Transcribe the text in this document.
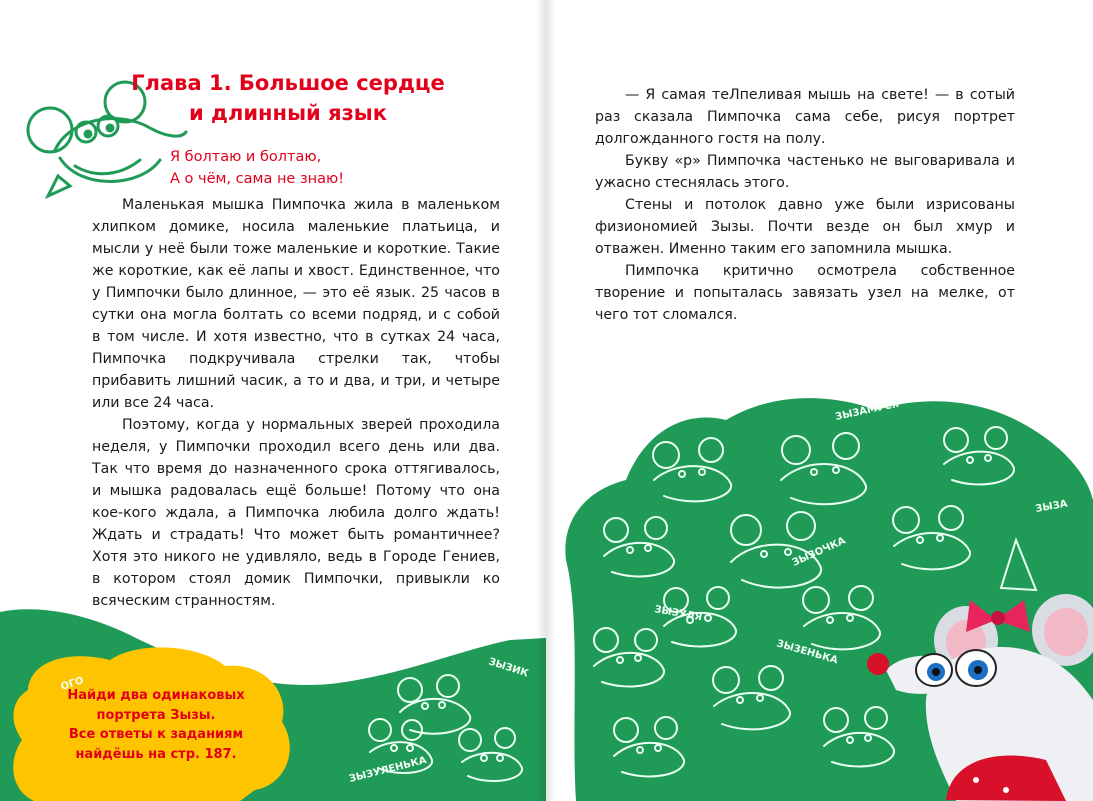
ОГО
ЗЫЗИК
ЗЫЗУЛЕНЬКА
Глава 1. Большое сердце
и длинный язык
Я болтаю и болтаю,
А о чём, сама не знаю!

Маленькая мышка Пимпочка жила в маленьком хлипком домике, носила маленькие платьица, и мысли у неё были тоже маленькие и короткие. Такие же короткие, как её лапы и хвост. Единственное, что у Пимпочки было длинное, — это её язык. 25 часов в сутки она могла болтать со всеми подряд, и с собой в том числе. И хотя известно, что в сутках 24 часа, Пимпочка подкручивала стрелки так, чтобы прибавить лишний часик, а то и два, и три, и четыре или все 24 часа.

Поэтому, когда у нормальных зверей проходила неделя, у Пимпочки проходил всего день или два. Так что время до назначенного срока оттягивалось, и мышка радовалась ещё больше! Потому что она кое-кого ждала, а Пимпочка любила долго ждать! Ждать и страдать! Что может быть романтичнее? Хотя это никого не удивляло, ведь в Городе Гениев, в котором стоял домик Пимпочки, привыкли ко всяческим странностям.

Найди два одинаковых
портрета Зызы.
Все ответы к заданиям
найдёшь на стр. 187.
ЗЫЗАМУСЯ
ЗЫЗА
ЗЫЗОЧКА
ЗЫЗУЛЯ
ЗЫЗЕНЬКА

— Я самая теЛпеливая мышь на свете! — в сотый раз сказала Пимпочка сама себе, рисуя портрет долгожданного гостя на полу.

Букву «р» Пимпочка частенько не выговаривала и ужасно стеснялась этого.

Стены и потолок давно уже были изрисованы физиономией Зызы. Почти везде он был хмур и отважен. Именно таким его запомнила мышка.

Пимпочка критично осмотрела собственное творение и попыталась завязать узел на мелке, от чего тот сломался.
